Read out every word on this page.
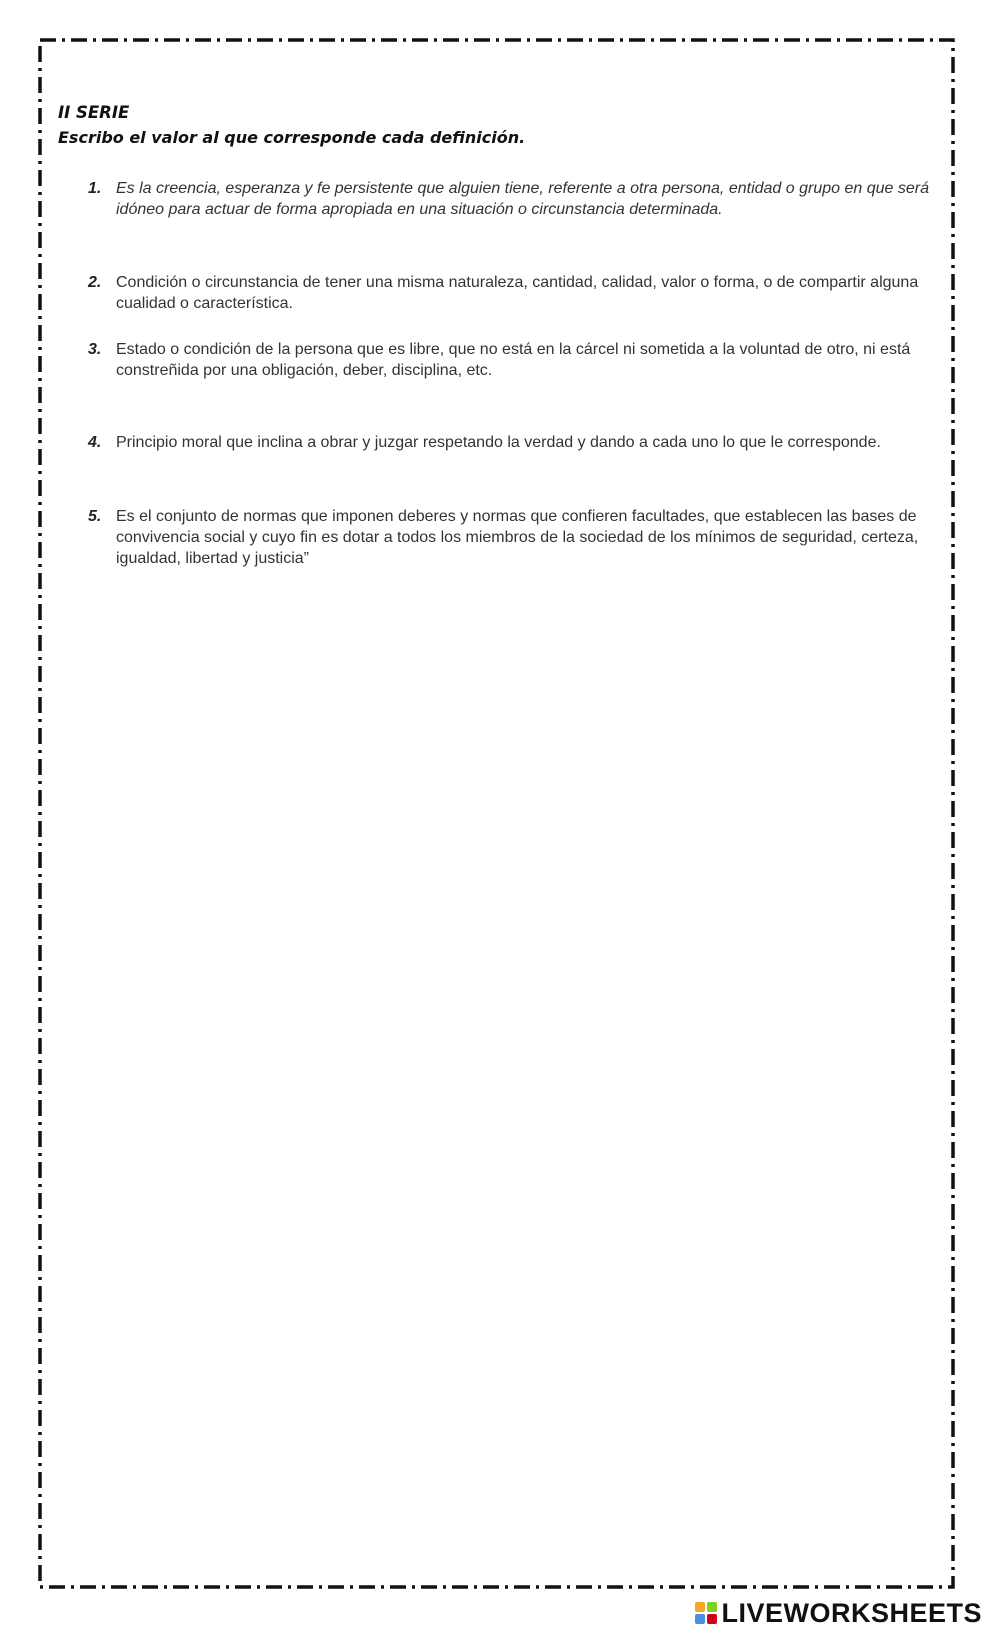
II SERIE

Escribo el valor al que corresponde cada definición.

1. Es la creencia, esperanza y fe persistente que alguien tiene, referente a otra persona, entidad o grupo en que será idóneo para actuar de forma apropiada en una situación o circunstancia determinada.
2. Condición o circunstancia de tener una misma naturaleza, cantidad, calidad, valor o forma, o de compartir alguna cualidad o característica.
3. Estado o condición de la persona que es libre, que no está en la cárcel ni sometida a la voluntad de otro, ni está constreñida por una obligación, deber, disciplina, etc.
4. Principio moral que inclina a obrar y juzgar respetando la verdad y dando a cada uno lo que le corresponde.
5. Es el conjunto de normas que imponen deberes y normas que confieren facultades, que establecen las bases de convivencia social y cuyo fin es dotar a todos los miembros de la sociedad de los mínimos de seguridad, certeza, igualdad, libertad y justicia”
LIVEWORKSHEETS
